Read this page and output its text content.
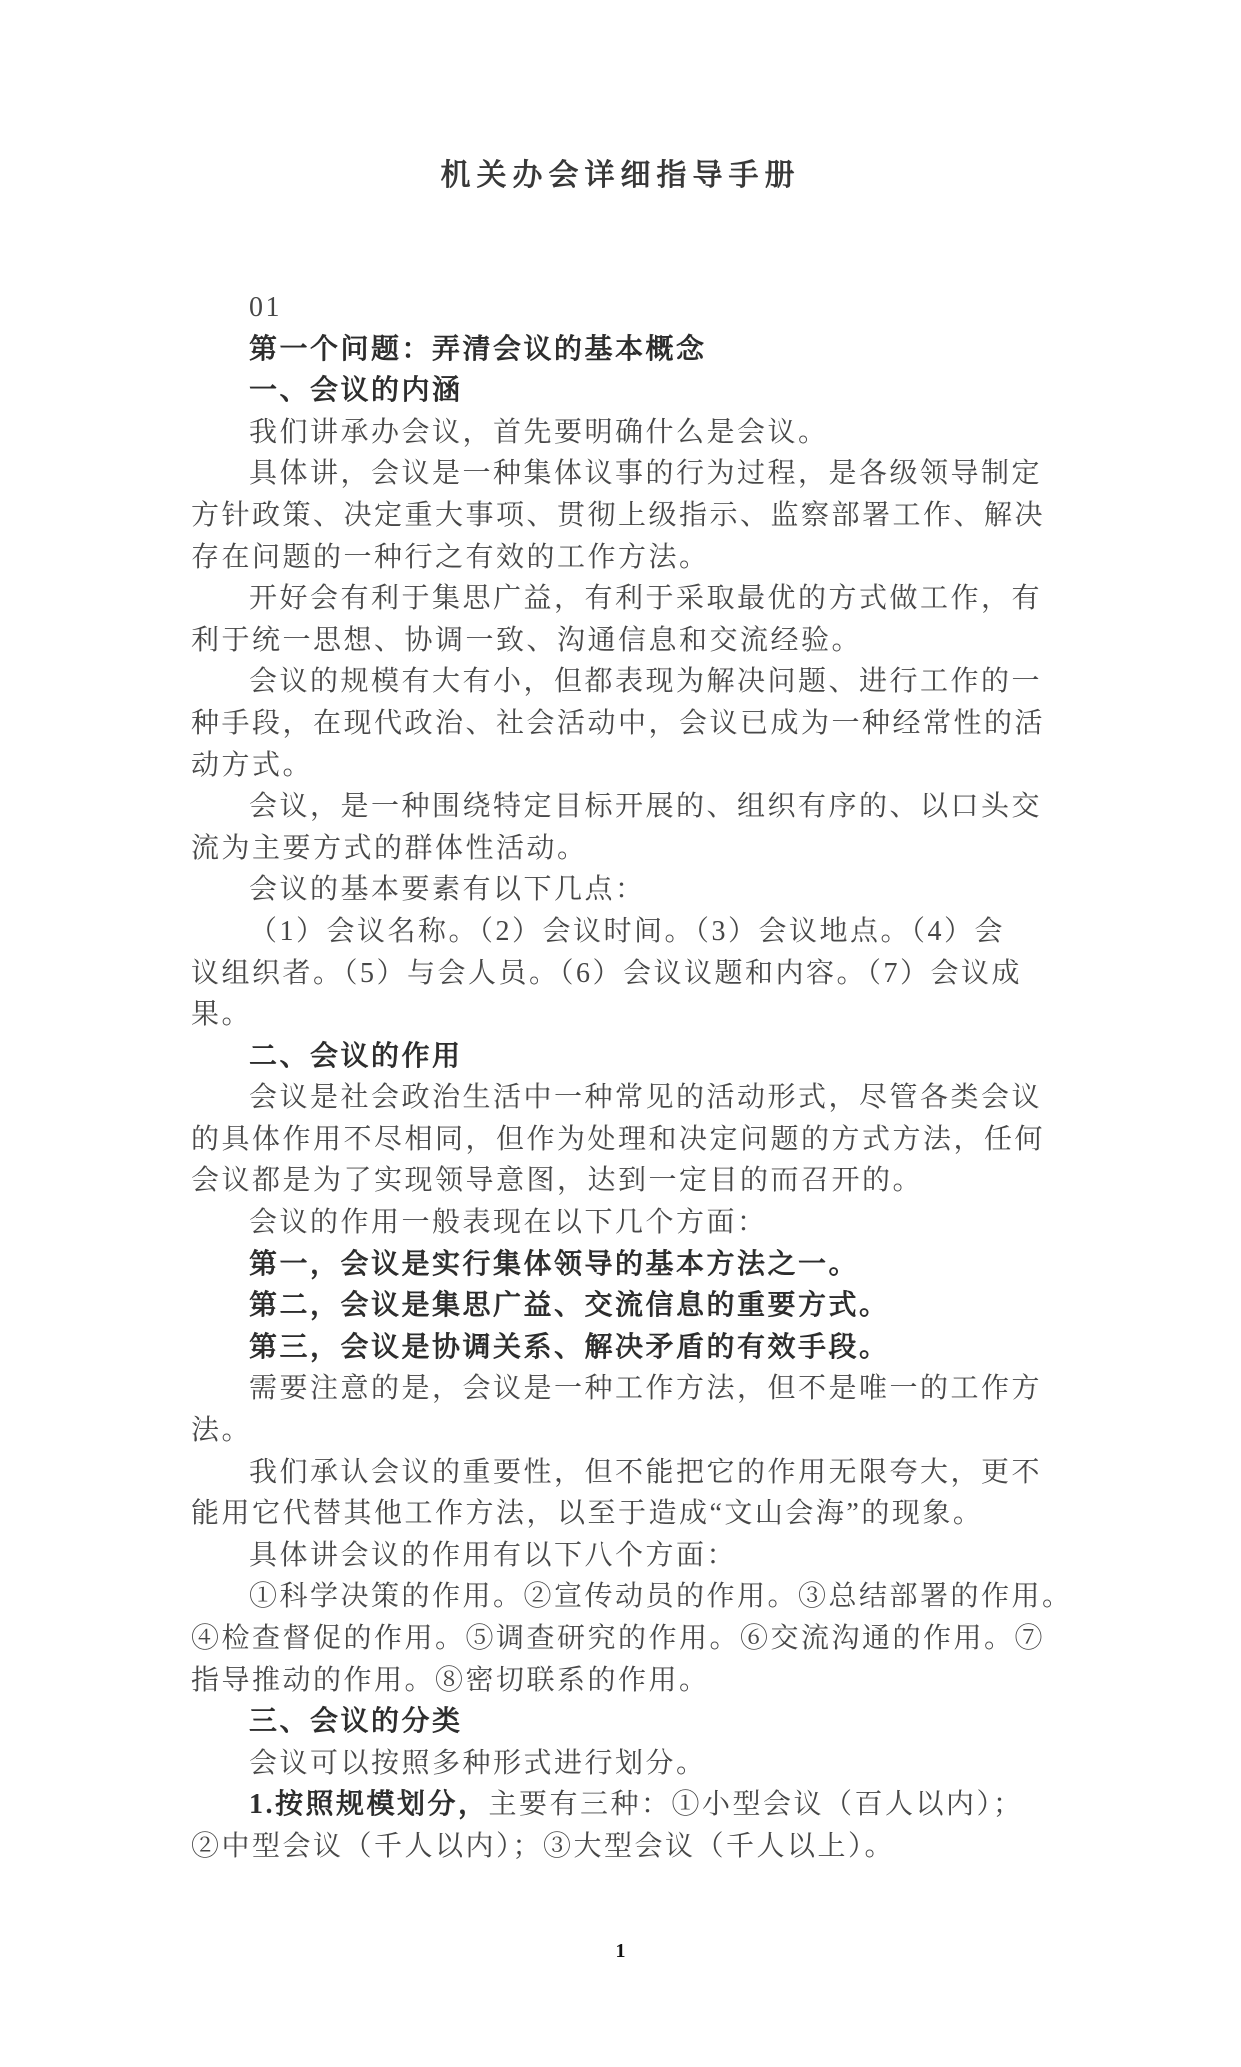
机关办会详细指导手册
01
第一个问题：弄清会议的基本概念
一、会议的内涵
我们讲承办会议，首先要明确什么是会议。
具体讲，会议是一种集体议事的行为过程，是各级领导制定
方针政策、决定重大事项、贯彻上级指示、监察部署工作、解决
存在问题的一种行之有效的工作方法。
开好会有利于集思广益，有利于采取最优的方式做工作，有
利于统一思想、协调一致、沟通信息和交流经验。
会议的规模有大有小，但都表现为解决问题、进行工作的一
种手段，在现代政治、社会活动中，会议已成为一种经常性的活
动方式。
会议，是一种围绕特定目标开展的、组织有序的、以口头交
流为主要方式的群体性活动。
会议的基本要素有以下几点：
（1）会议名称。（2）会议时间。（3）会议地点。（4）会
议组织者。（5）与会人员。（6）会议议题和内容。（7）会议成
果。
二、会议的作用
会议是社会政治生活中一种常见的活动形式，尽管各类会议
的具体作用不尽相同，但作为处理和决定问题的方式方法，任何
会议都是为了实现领导意图，达到一定目的而召开的。
会议的作用一般表现在以下几个方面：
第一，会议是实行集体领导的基本方法之一。
第二，会议是集思广益、交流信息的重要方式。
第三，会议是协调关系、解决矛盾的有效手段。
需要注意的是，会议是一种工作方法，但不是唯一的工作方
法。
我们承认会议的重要性，但不能把它的作用无限夸大，更不
能用它代替其他工作方法，以至于造成“文山会海”的现象。
具体讲会议的作用有以下八个方面：
①科学决策的作用。②宣传动员的作用。③总结部署的作用。
④检查督促的作用。⑤调查研究的作用。⑥交流沟通的作用。⑦
指导推动的作用。⑧密切联系的作用。
三、会议的分类
会议可以按照多种形式进行划分。
1.按照规模划分，主要有三种：①小型会议（百人以内）；
②中型会议（千人以内）；③大型会议（千人以上）。
1
